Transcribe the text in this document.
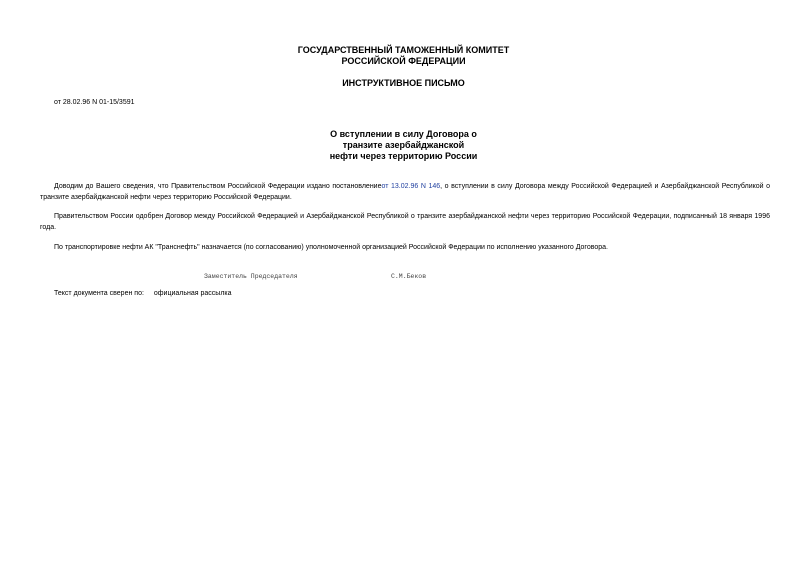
ГОСУДАРСТВЕННЫЙ ТАМОЖЕННЫЙ КОМИТЕТ
РОССИЙСКОЙ ФЕДЕРАЦИИ
ИНСТРУКТИВНОЕ ПИСЬМО
от 28.02.96 N 01-15/3591
О вступлении в силу Договора о
транзите азербайджанской
нефти через территорию России
Доводим до Вашего сведения, что Правительством Российской Федерации издано постановлениеот 13.02.96 N 146, о вступлении в силу Договора между Российской Федерацией и Азербайджанской Республикой о транзите азербайджанской нефти через территорию Российской Федерации.
Правительством России одобрен Договор между Российской Федерацией и Азербайджанской Республикой о транзите азербайджанской нефти через территорию Российской Федерации, подписанный 18 января 1996 года.
По транспортировке нефти АК "Транснефть" назначается (по согласованию) уполномоченной организацией Российской Федерации по исполнению указанного Договора.
Заместитель Председателя	С.М.Беков
Текст документа сверен по: официальная рассылка
